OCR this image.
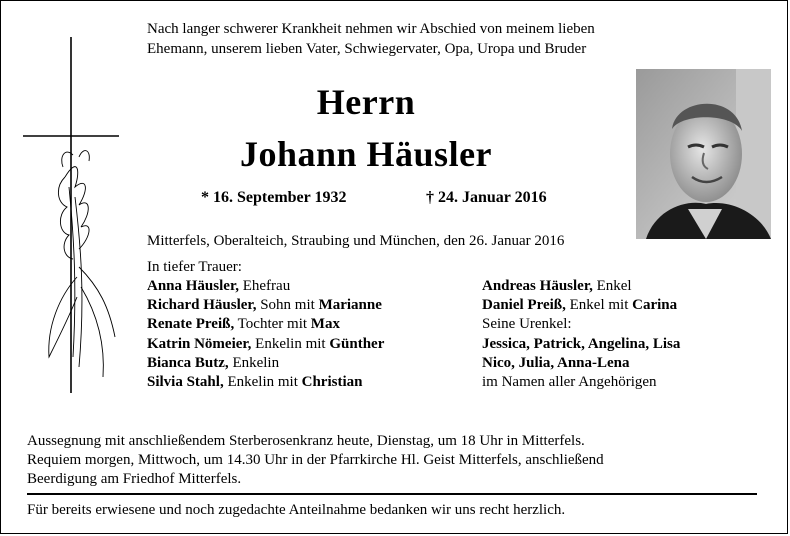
Nach langer schwerer Krankheit nehmen wir Abschied von meinem lieben
Ehemann, unserem lieben Vater, Schwiegervater, Opa, Uropa und Bruder
Herrn
Johann Häusler
* 16. September 1932	† 24. Januar 2016
Mitterfels, Oberalteich, Straubing und München, den 26. Januar 2016
In tiefer Trauer:
Anna Häusler, Ehefrau
Richard Häusler, Sohn mit Marianne
Renate Preiß, Tochter mit Max
Katrin Nömeier, Enkelin mit Günther
Bianca Butz, Enkelin
Silvia Stahl, Enkelin mit Christian
Andreas Häusler, Enkel
Daniel Preiß, Enkel mit Carina
Seine Urenkel:
Jessica, Patrick, Angelina, Lisa
Nico, Julia, Anna-Lena
im Namen aller Angehörigen
Aussegnung mit anschließendem Sterberosenkranz heute, Dienstag, um 18 Uhr in Mitterfels.
Requiem morgen, Mittwoch, um 14.30 Uhr in der Pfarrkirche Hl. Geist Mitterfels, anschließend
Beerdigung am Friedhof Mitterfels.
Für bereits erwiesene und noch zugedachte Anteilnahme bedanken wir uns recht herzlich.
